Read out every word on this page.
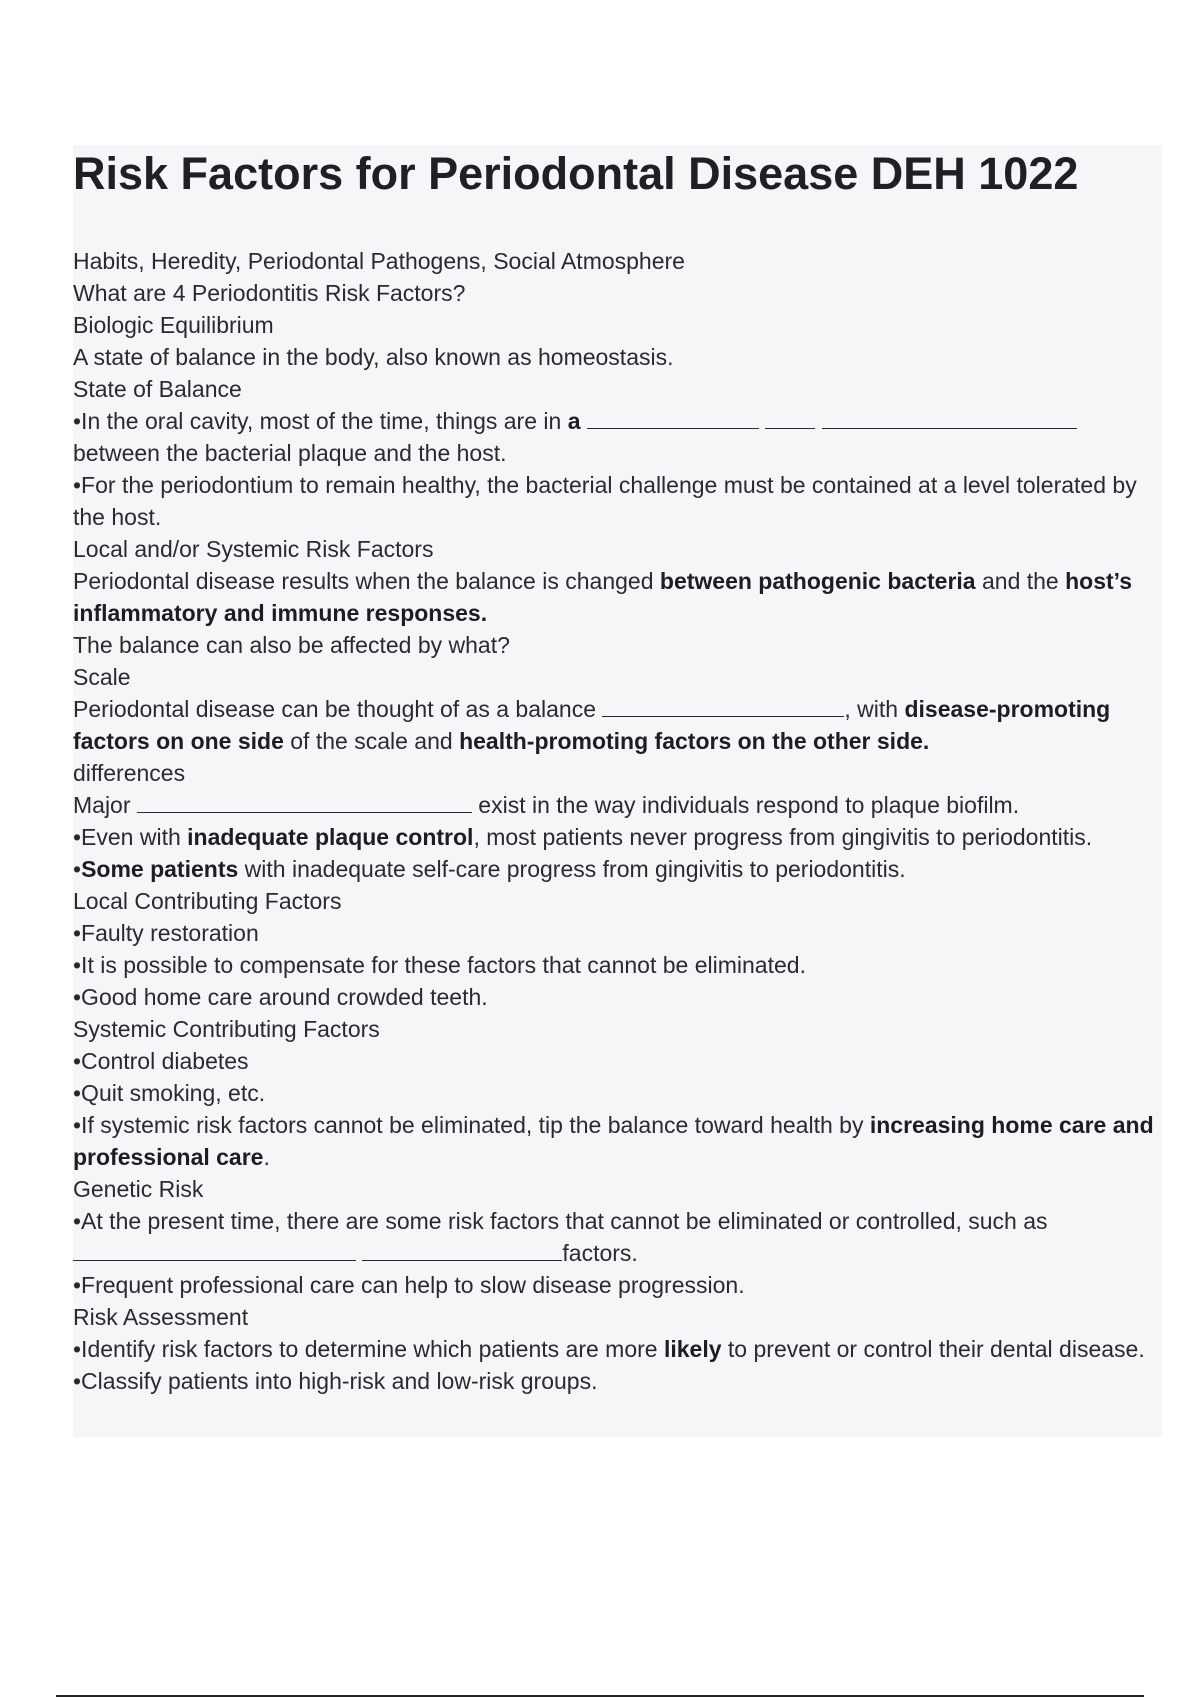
Risk Factors for Periodontal Disease DEH 1022
Habits, Heredity, Periodontal Pathogens, Social Atmosphere
What are 4 Periodontitis Risk Factors?
Biologic Equilibrium
A state of balance in the body, also known as homeostasis.
State of Balance
•In the oral cavity, most of the time, things are in a
between the bacterial plaque and the host.
•For the periodontium to remain healthy, the bacterial challenge must be contained at a level tolerated by the host.
Local and/or Systemic Risk Factors
Periodontal disease results when the balance is changed between pathogenic bacteria and the host’s inflammatory and immune responses.
The balance can also be affected by what?
Scale
Periodontal disease can be thought of as a balance	, with disease-promoting factors on one side of the scale and health-promoting factors on the other side.
differences
Major	exist in the way individuals respond to plaque biofilm.
•Even with inadequate plaque control, most patients never progress from gingivitis to periodontitis.
•Some patients with inadequate self-care progress from gingivitis to periodontitis.
Local Contributing Factors
•Faulty restoration
•It is possible to compensate for these factors that cannot be eliminated.
•Good home care around crowded teeth.
Systemic Contributing Factors
•Control diabetes
•Quit smoking, etc.
•If systemic risk factors cannot be eliminated, tip the balance toward health by increasing home care and professional care.
Genetic Risk
•At the present time, there are some risk factors that cannot be eliminated or controlled, such as
factors.
•Frequent professional care can help to slow disease progression.
Risk Assessment
•Identify risk factors to determine which patients are more likely to prevent or control their dental disease.
•Classify patients into high-risk and low-risk groups.
